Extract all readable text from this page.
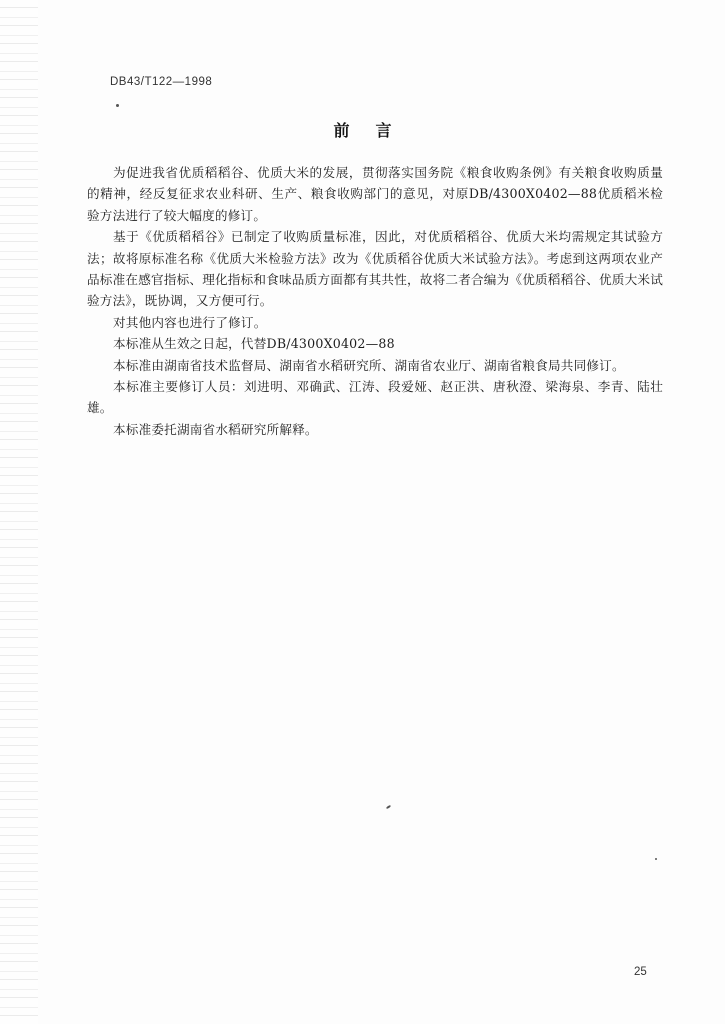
DB43/T122—1998
前言

为促进我省优质稻稻谷、优质大米的发展，贯彻落实国务院《粮食收购条例》有关粮食收购质量的精神，经反复征求农业科研、生产、粮食收购部门的意见，对原DB/4300X0402—88优质稻米检验方法进行了较大幅度的修订。

基于《优质稻稻谷》已制定了收购质量标准，因此，对优质稻稻谷、优质大米均需规定其试验方法；故将原标准名称《优质大米检验方法》改为《优质稻谷优质大米试验方法》。考虑到这两项农业产品标准在感官指标、理化指标和食味品质方面都有其共性，故将二者合编为《优质稻稻谷、优质大米试验方法》，既协调，又方便可行。

对其他内容也进行了修订。

本标准从生效之日起，代替DB/4300X0402—88

本标准由湖南省技术监督局、湖南省水稻研究所、湖南省农业厅、湖南省粮食局共同修订。

本标准主要修订人员：刘进明、邓确武、江涛、段爱娅、赵正洪、唐秋澄、梁海泉、李青、陆壮雄。

本标准委托湖南省水稻研究所解释。

25
